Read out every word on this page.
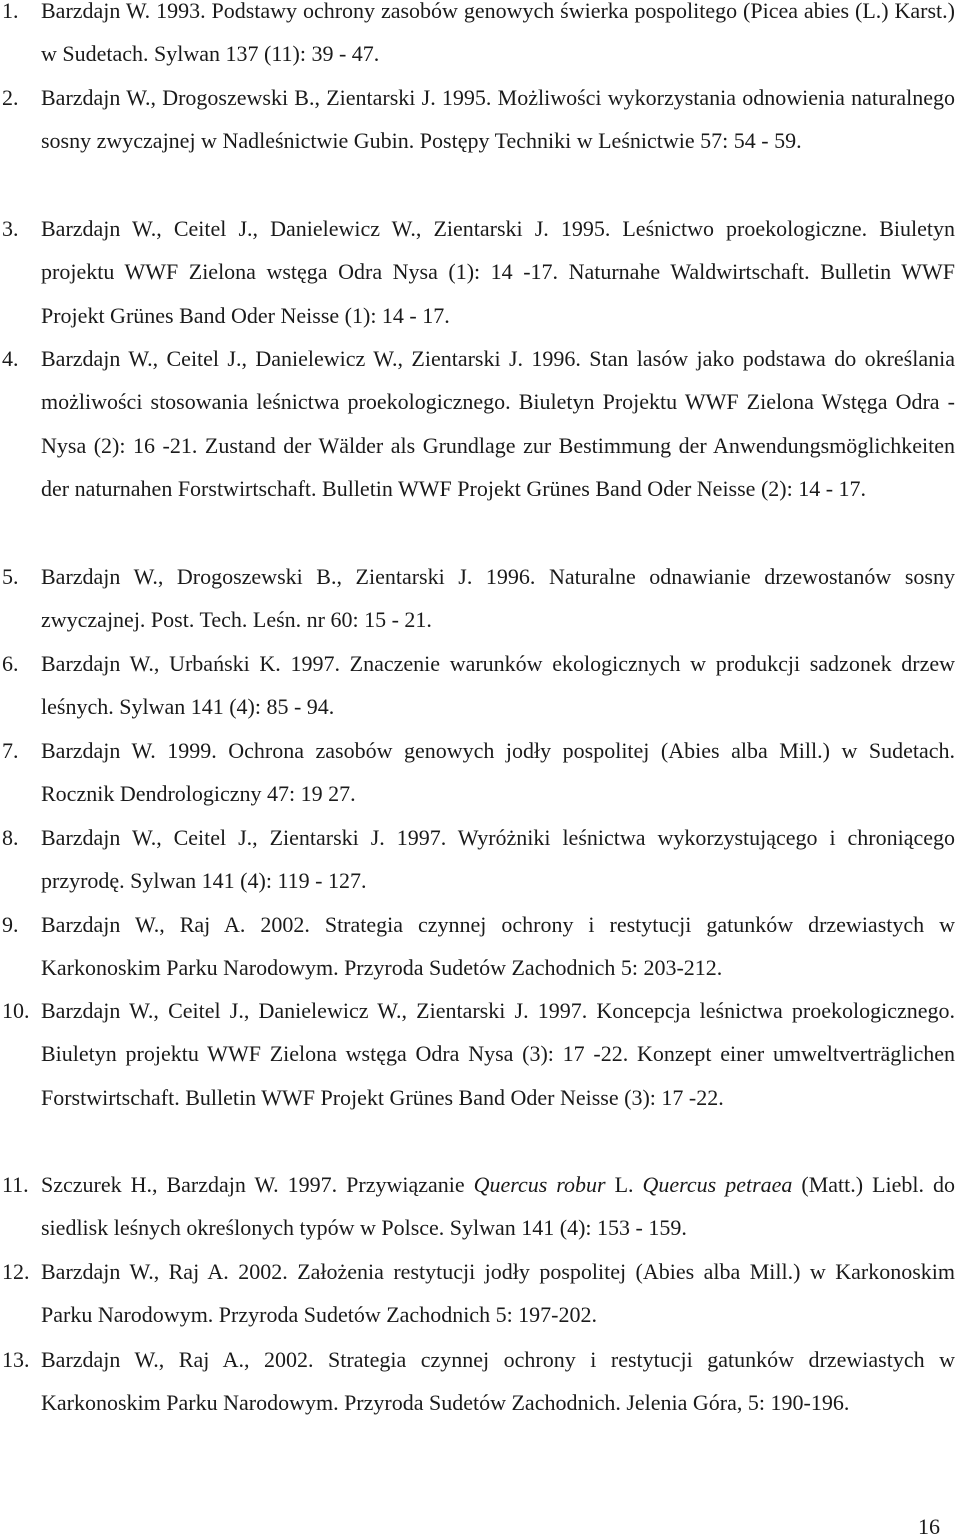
1.	Barzdajn W. 1993. Podstawy ochrony zasobów genowych świerka pospolitego (Picea abies (L.) Karst.) w Sudetach. Sylwan 137 (11): 39 - 47.
2.	Barzdajn W., Drogoszewski B., Zientarski J. 1995. Możliwości wykorzystania odnowienia naturalnego sosny zwyczajnej w Nadleśnictwie Gubin. Postępy Techniki w Leśnictwie 57: 54 - 59.
3.	Barzdajn W., Ceitel J., Danielewicz W., Zientarski J. 1995. Leśnictwo proekologiczne. Biuletyn projektu WWF Zielona wstęga Odra Nysa (1): 14 -17. Naturnahe Waldwirtschaft. Bulletin WWF Projekt Grünes Band Oder Neisse (1): 14 - 17.
4.	Barzdajn W., Ceitel J., Danielewicz W., Zientarski J. 1996. Stan lasów jako podstawa do określania możliwości stosowania leśnictwa proekologicznego. Biuletyn Projektu WWF Zielona Wstęga Odra - Nysa (2): 16 -21. Zustand der Wälder als Grundlage zur Bestimmung der Anwendungsmöglichkeiten der naturnahen Forstwirtschaft. Bulletin WWF Projekt Grünes Band Oder Neisse (2): 14 - 17.
5.	Barzdajn W., Drogoszewski B., Zientarski J. 1996. Naturalne odnawianie drzewostanów sosny zwyczajnej. Post. Tech. Leśn. nr 60: 15 - 21.
6.	Barzdajn W., Urbański K. 1997. Znaczenie warunków ekologicznych w produkcji sadzonek drzew leśnych. Sylwan 141 (4): 85 - 94.
7.	Barzdajn W. 1999. Ochrona zasobów genowych jodły pospolitej (Abies alba Mill.) w Sudetach. Rocznik Dendrologiczny 47: 19 27.
8.	Barzdajn W., Ceitel J., Zientarski J. 1997. Wyróżniki leśnictwa wykorzystującego i chroniącego przyrodę. Sylwan 141 (4): 119 - 127.
9.	Barzdajn W., Raj A. 2002. Strategia czynnej ochrony i restytucji gatunków drzewiastych w Karkonoskim Parku Narodowym. Przyroda Sudetów Zachodnich 5: 203-212.
10. Barzdajn W., Ceitel J., Danielewicz W., Zientarski J. 1997. Koncepcja leśnictwa proekologicznego. Biuletyn projektu WWF Zielona wstęga Odra Nysa (3): 17 -22. Konzept einer umweltverträglichen Forstwirtschaft. Bulletin WWF Projekt Grünes Band Oder Neisse (3): 17 -22.
11. Szczurek H., Barzdajn W. 1997. Przywiązanie Quercus robur L. Quercus petraea (Matt.) Liebl. do siedlisk leśnych określonych typów w Polsce. Sylwan 141 (4): 153 - 159.
12. Barzdajn W., Raj A. 2002. Założenia restytucji jodły pospolitej (Abies alba Mill.) w Karkonoskim Parku Narodowym. Przyroda Sudetów Zachodnich 5: 197-202.
13. Barzdajn W., Raj A., 2002. Strategia czynnej ochrony i restytucji gatunków drzewiastych w Karkonoskim Parku Narodowym. Przyroda Sudetów Zachodnich. Jelenia Góra, 5: 190-196.
16
